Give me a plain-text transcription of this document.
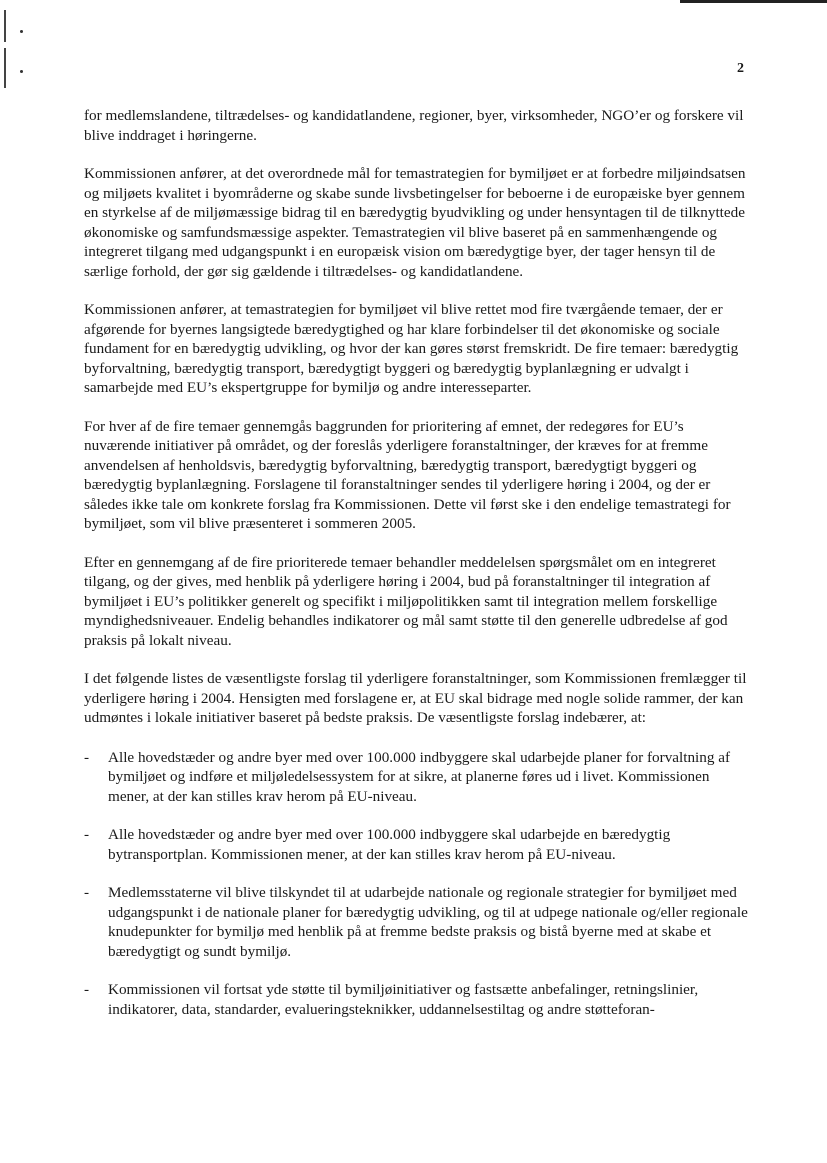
2

for medlemslandene, tiltrædelses- og kandidatlandene, regioner, byer, virksomheder, NGO’er og forskere vil blive inddraget i høringerne.

Kommissionen anfører, at det overordnede mål for temastrategien for bymiljøet er at forbedre miljøindsatsen og miljøets kvalitet i byområderne og skabe sunde livsbetingelser for beboerne i de europæiske byer gennem en styrkelse af de miljømæssige bidrag til en bæredygtig byudvikling og under hensyntagen til de tilknyttede økonomiske og samfundsmæssige aspekter. Temastrategien vil blive baseret på en sammenhængende og integreret tilgang med udgangspunkt i en europæisk vision om bæredygtige byer, der tager hensyn til de særlige forhold, der gør sig gældende i tiltrædelses- og kandidatlandene.

Kommissionen anfører, at temastrategien for bymiljøet vil blive rettet mod fire tværgående temaer, der er afgørende for byernes langsigtede bæredygtighed og har klare forbindelser til det økonomiske og sociale fundament for en bæredygtig udvikling, og hvor der kan gøres størst fremskridt. De fire temaer: bæredygtig byforvaltning, bæredygtig transport, bæredygtigt byggeri og bæredygtig byplanlægning er udvalgt i samarbejde med EU’s ekspertgruppe for bymiljø og andre interesseparter.

For hver af de fire temaer gennemgås baggrunden for prioritering af emnet, der redegøres for EU’s nuværende initiativer på området, og der foreslås yderligere foranstaltninger, der kræves for at fremme anvendelsen af henholdsvis, bæredygtig byforvaltning, bæredygtig transport, bæredygtigt byggeri og bæredygtig byplanlægning. Forslagene til foranstaltninger sendes til yderligere høring i 2004, og der er således ikke tale om konkrete forslag fra Kommissionen. Dette vil først ske i den endelige temastrategi for bymiljøet, som vil blive præsenteret i sommeren 2005.

Efter en gennemgang af de fire prioriterede temaer behandler meddelelsen spørgsmålet om en integreret tilgang, og der gives, med henblik på yderligere høring i 2004, bud på foranstaltninger til integration af bymiljøet i EU’s politikker generelt og specifikt i miljøpolitikken samt til integration mellem forskellige myndighedsniveauer. Endelig behandles indikatorer og mål samt støtte til den generelle udbredelse af god praksis på lokalt niveau.

I det følgende listes de væsentligste forslag til yderligere foranstaltninger, som Kommissionen fremlægger til yderligere høring i 2004. Hensigten med forslagene er, at EU skal bidrage med nogle solide rammer, der kan udmøntes i lokale initiativer baseret på bedste praksis. De væsentligste forslag indebærer, at:

- Alle hovedstæder og andre byer med over 100.000 indbyggere skal udarbejde planer for forvaltning af bymiljøet og indføre et miljøledelsessystem for at sikre, at planerne føres ud i livet. Kommissionen mener, at der kan stilles krav herom på EU-niveau.
- Alle hovedstæder og andre byer med over 100.000 indbyggere skal udarbejde en bæredygtig bytransportplan. Kommissionen mener, at der kan stilles krav herom på EU-niveau.
- Medlemsstaterne vil blive tilskyndet til at udarbejde nationale og regionale strategier for bymiljøet med udgangspunkt i de nationale planer for bæredygtig udvikling, og til at udpege nationale og/eller regionale knudepunkter for bymiljø med henblik på at fremme bedste praksis og bistå byerne med at skabe et bæredygtigt og sundt bymiljø.
- Kommissionen vil fortsat yde støtte til bymiljøinitiativer og fastsætte anbefalinger, retningslinier, indikatorer, data, standarder, evalueringsteknikker, uddannelsestiltag og andre støtteforan-
